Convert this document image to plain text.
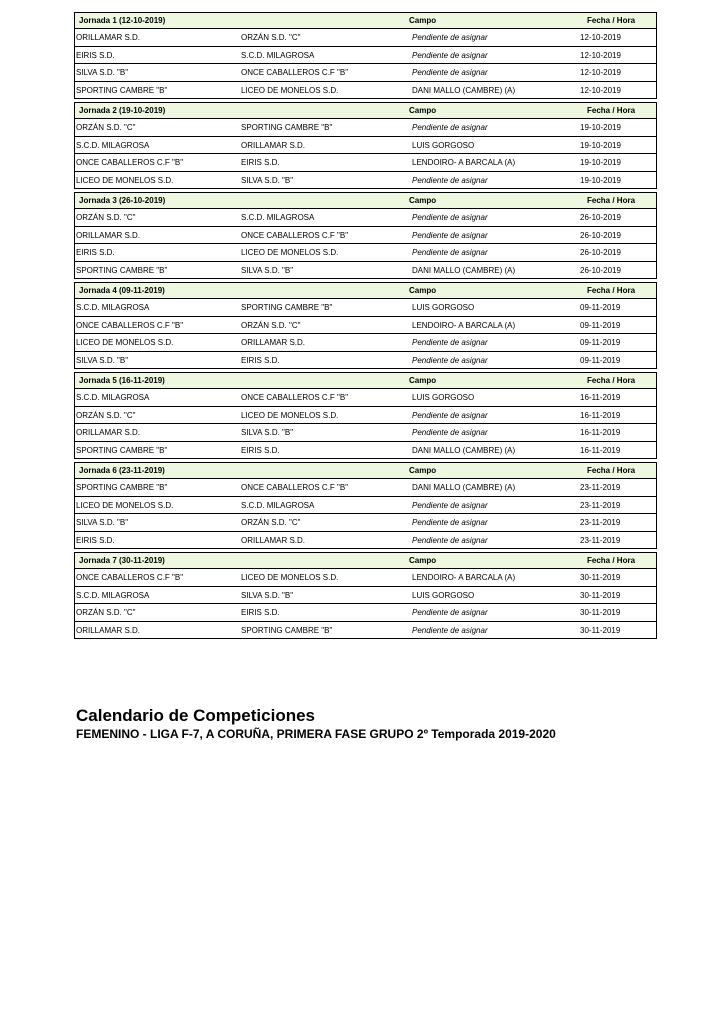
Jornada 1 (12-10-2019)	Campo	Fecha / Hora
ORILLAMAR S.D.	ORZÁN S.D. "C"	Pendiente de asignar	12-10-2019
EIRIS S.D.	S.C.D. MILAGROSA	Pendiente de asignar	12-10-2019
SILVA S.D. "B"	ONCE CABALLEROS C.F "B"	Pendiente de asignar	12-10-2019
SPORTING CAMBRE "B"	LICEO DE MONELOS S.D.	DANI MALLO (CAMBRE) (A)	12-10-2019
Jornada 2 (19-10-2019)	Campo	Fecha / Hora
ORZÁN S.D. "C"	SPORTING CAMBRE "B"	Pendiente de asignar	19-10-2019
S.C.D. MILAGROSA	ORILLAMAR S.D.	LUIS GORGOSO	19-10-2019
ONCE CABALLEROS C.F "B"	EIRIS S.D.	LENDOIRO- A BARCALA (A)	19-10-2019
LICEO DE MONELOS S.D.	SILVA S.D. "B"	Pendiente de asignar	19-10-2019
Jornada 3 (26-10-2019)	Campo	Fecha / Hora
ORZÁN S.D. "C"	S.C.D. MILAGROSA	Pendiente de asignar	26-10-2019
ORILLAMAR S.D.	ONCE CABALLEROS C.F "B"	Pendiente de asignar	26-10-2019
EIRIS S.D.	LICEO DE MONELOS S.D.	Pendiente de asignar	26-10-2019
SPORTING CAMBRE "B"	SILVA S.D. "B"	DANI MALLO (CAMBRE) (A)	26-10-2019
Jornada 4 (09-11-2019)	Campo	Fecha / Hora
S.C.D. MILAGROSA	SPORTING CAMBRE "B"	LUIS GORGOSO	09-11-2019
ONCE CABALLEROS C.F "B"	ORZÁN S.D. "C"	LENDOIRO- A BARCALA (A)	09-11-2019
LICEO DE MONELOS S.D.	ORILLAMAR S.D.	Pendiente de asignar	09-11-2019
SILVA S.D. "B"	EIRIS S.D.	Pendiente de asignar	09-11-2019
Jornada 5 (16-11-2019)	Campo	Fecha / Hora
S.C.D. MILAGROSA	ONCE CABALLEROS C.F "B"	LUIS GORGOSO	16-11-2019
ORZÁN S.D. "C"	LICEO DE MONELOS S.D.	Pendiente de asignar	16-11-2019
ORILLAMAR S.D.	SILVA S.D. "B"	Pendiente de asignar	16-11-2019
SPORTING CAMBRE "B"	EIRIS S.D.	DANI MALLO (CAMBRE) (A)	16-11-2019
Jornada 6 (23-11-2019)	Campo	Fecha / Hora
SPORTING CAMBRE "B"	ONCE CABALLEROS C.F "B"	DANI MALLO (CAMBRE) (A)	23-11-2019
LICEO DE MONELOS S.D.	S.C.D. MILAGROSA	Pendiente de asignar	23-11-2019
SILVA S.D. "B"	ORZÁN S.D. "C"	Pendiente de asignar	23-11-2019
EIRIS S.D.	ORILLAMAR S.D.	Pendiente de asignar	23-11-2019
Jornada 7 (30-11-2019)	Campo	Fecha / Hora
ONCE CABALLEROS C.F "B"	LICEO DE MONELOS S.D.	LENDOIRO- A BARCALA (A)	30-11-2019
S.C.D. MILAGROSA	SILVA S.D. "B"	LUIS GORGOSO	30-11-2019
ORZÁN S.D. "C"	EIRIS S.D.	Pendiente de asignar	30-11-2019
ORILLAMAR S.D.	SPORTING CAMBRE "B"	Pendiente de asignar	30-11-2019
Calendario de Competiciones
FEMENINO - LIGA F-7, A CORUÑA, PRIMERA FASE GRUPO 2º Temporada 2019-2020
